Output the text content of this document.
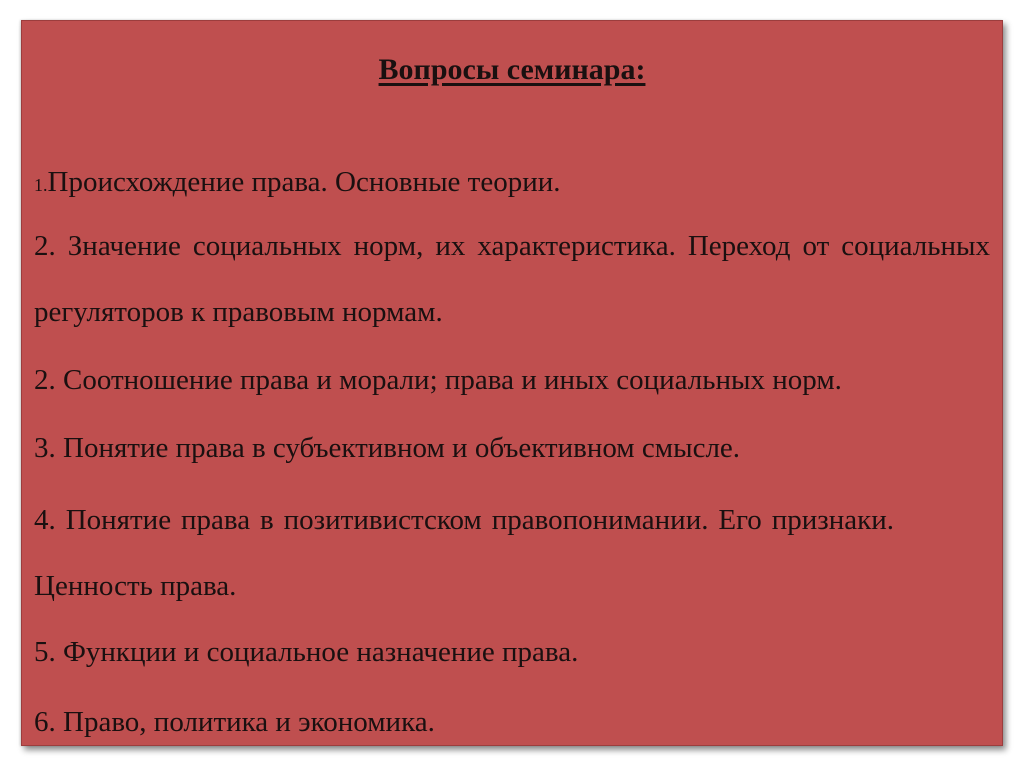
Вопросы семинара:
1.Происхождение права. Основные теории.
2. Значение социальных норм, их характеристика. Переход от социальных регуляторов к правовым нормам.
2. Соотношение права и морали; права и иных социальных норм.
3. Понятие права в субъективном и объективном смысле.
4. Понятие права в позитивистском правопонимании. Его признаки. Ценность права.
5. Функции и социальное назначение права.
6. Право, политика и экономика.
